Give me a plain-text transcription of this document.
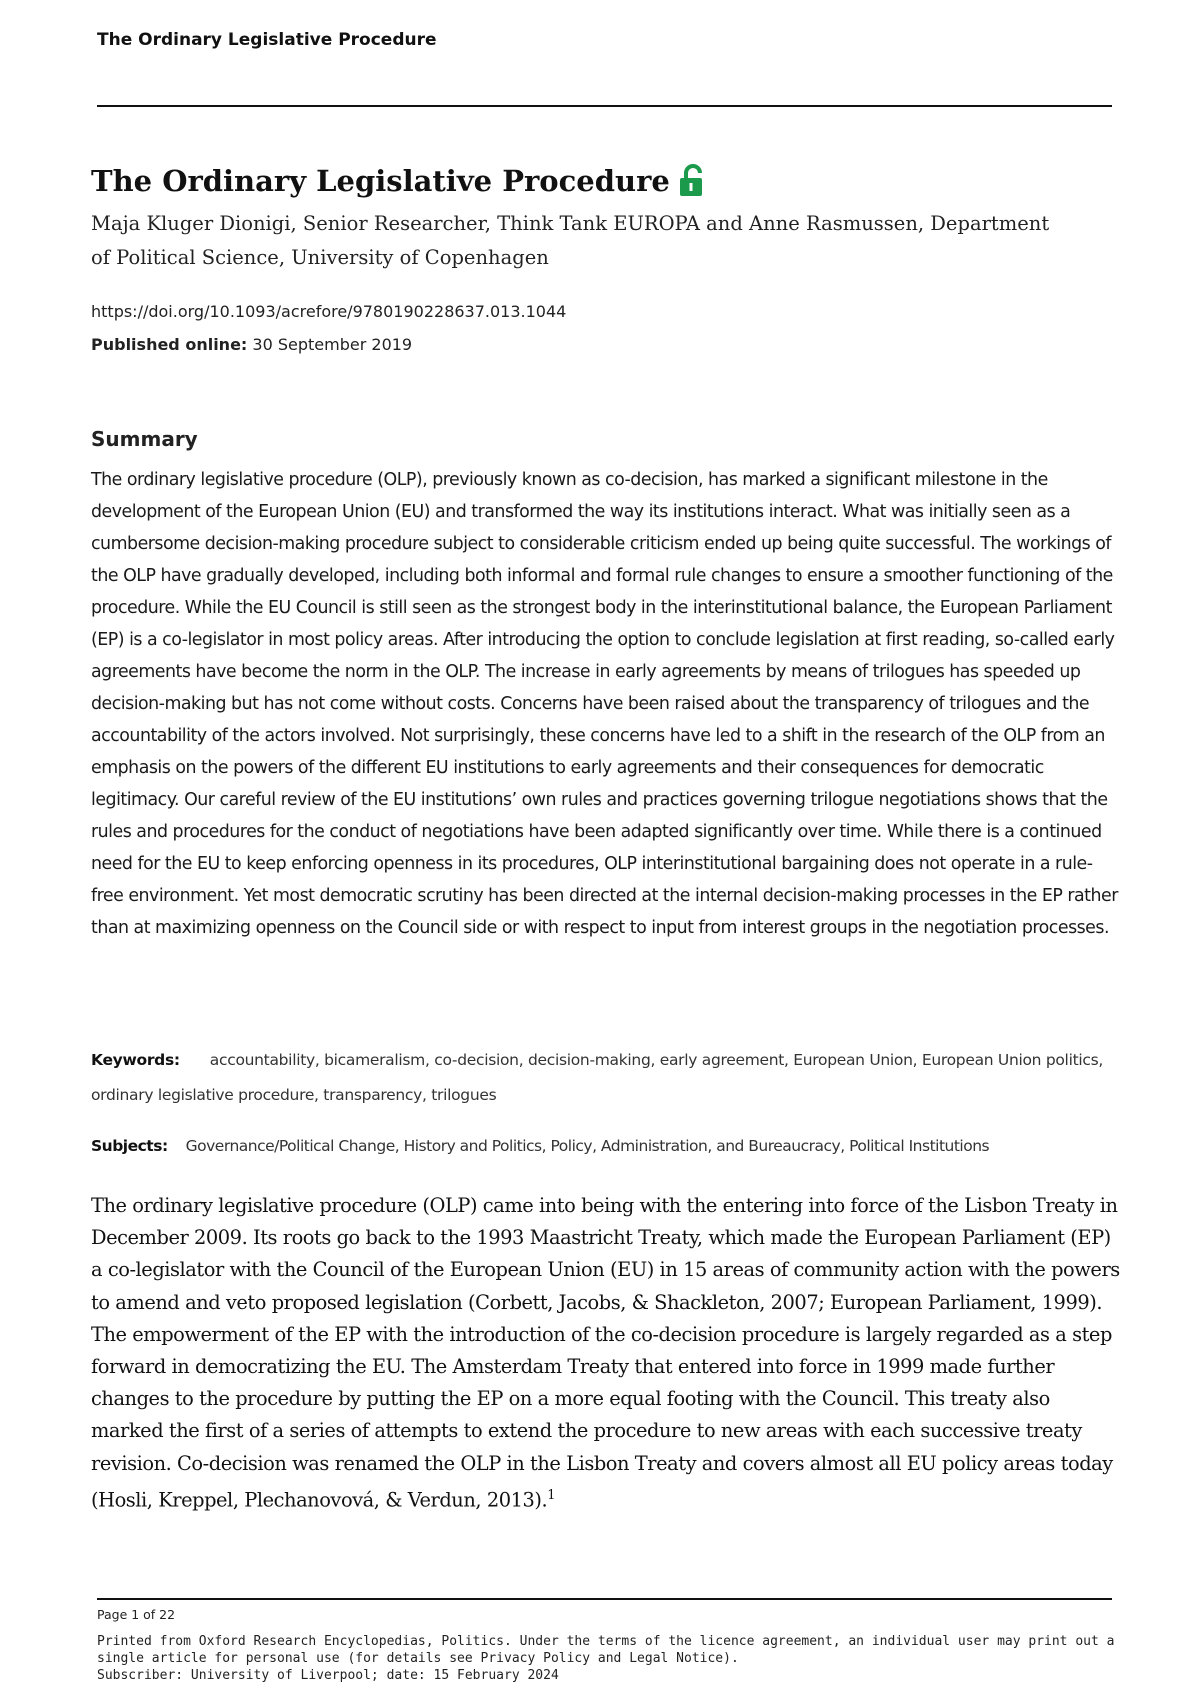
The Ordinary Legislative Procedure
The Ordinary Legislative Procedure
Maja Kluger Dionigi, Senior Researcher, Think Tank EUROPA and Anne Rasmussen, Department
of Political Science, University of Copenhagen
https://doi.org/10.1093/acrefore/9780190228637.013.1044
Published online: 30 September 2019
Summary

The ordinary legislative procedure (OLP), previously known as co-decision, has marked a significant milestone in the development of the European Union (EU) and transformed the way its institutions interact. What was initially seen as a cumbersome decision-making procedure subject to considerable criticism ended up being quite successful. The workings of the OLP have gradually developed, including both informal and formal rule changes to ensure a smoother functioning of the procedure. While the EU Council is still seen as the strongest body in the interinstitutional balance, the European Parliament (EP) is a co-legislator in most policy areas. After introducing the option to conclude legislation at first reading, so-called early agreements have become the norm in the OLP. The increase in early agreements by means of trilogues has speeded up decision-making but has not come without costs. Concerns have been raised about the transparency of trilogues and the accountability of the actors involved. Not surprisingly, these concerns have led to a shift in the research of the OLP from an emphasis on the powers of the different EU institutions to early agreements and their consequences for democratic legitimacy. Our careful review of the EU institutions’ own rules and practices governing trilogue negotiations shows that the rules and procedures for the conduct of negotiations have been adapted significantly over time. While there is a continued need for the EU to keep enforcing openness in its procedures, OLP interinstitutional bargaining does not operate in a rule-free environment. Yet most democratic scrutiny has been directed at the internal decision-making processes in the EP rather than at maximizing openness on the Council side or with respect to input from interest groups in the negotiation processes.

Keywords: accountability, bicameralism, co-decision, decision-making, early agreement, European Union, European Union politics, ordinary legislative procedure, transparency, trilogues
Subjects: Governance/Political Change, History and Politics, Policy, Administration, and Bureaucracy, Political Institutions

The ordinary legislative procedure (OLP) came into being with the entering into force of the Lisbon Treaty in December 2009. Its roots go back to the 1993 Maastricht Treaty, which made the European Parliament (EP) a co-legislator with the Council of the European Union (EU) in 15 areas of community action with the powers to amend and veto proposed legislation (Corbett, Jacobs, & Shackleton, 2007; European Parliament, 1999). The empowerment of the EP with the introduction of the co-decision procedure is largely regarded as a step forward in democratizing the EU. The Amsterdam Treaty that entered into force in 1999 made further changes to the procedure by putting the EP on a more equal footing with the Council. This treaty also marked the first of a series of attempts to extend the procedure to new areas with each successive treaty revision. Co-decision was renamed the OLP in the Lisbon Treaty and covers almost all EU policy areas today (Hosli, Kreppel, Plechanovová, & Verdun, 2013).$^1$

Page 1 of 22
Printed from Oxford Research Encyclopedias, Politics. Under the terms of the licence agreement, an individual user may print out a
single article for personal use (for details see Privacy Policy and Legal Notice).
Subscriber: University of Liverpool; date: 15 February 2024
